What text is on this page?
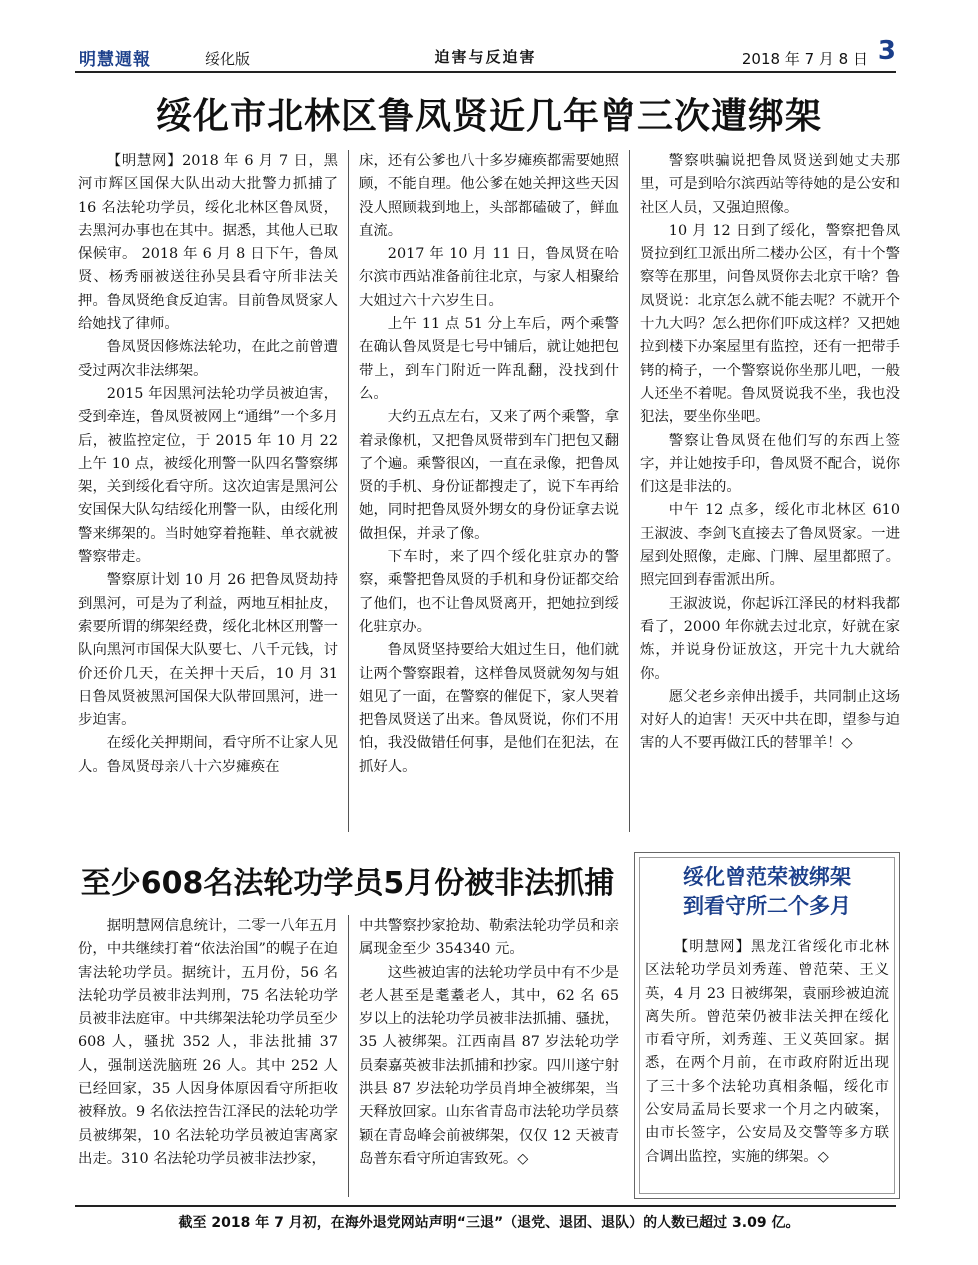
明慧週報	绥化版	迫害与反迫害	2018 年 7 月 8 日 3
绥化市北林区鲁凤贤近几年曾三次遭绑架

【明慧网】2018 年 6 月 7 日，黑河市辉区国保大队出动大批警力抓捕了 16 名法轮功学员，绥化北林区鲁凤贤，去黑河办事也在其中。据悉，其他人已取保候审。 2018 年 6 月 8 日下午，鲁凤贤、杨秀丽被送往孙吴县看守所非法关押。鲁凤贤绝食反迫害。目前鲁凤贤家人给她找了律师。

鲁凤贤因修炼法轮功，在此之前曾遭受过两次非法绑架。

2015 年因黑河法轮功学员被迫害，受到牵连，鲁凤贤被网上“通缉”一个多月后，被监控定位，于 2015 年 10 月 22 上午 10 点，被绥化刑警一队四名警察绑架，关到绥化看守所。这次迫害是黑河公安国保大队勾结绥化刑警一队，由绥化刑警来绑架的。当时她穿着拖鞋、单衣就被警察带走。

警察原计划 10 月 26 把鲁凤贤劫持到黑河，可是为了利益，两地互相扯皮，索要所谓的绑架经费，绥化北林区刑警一队向黑河市国保大队要七、八千元钱，讨价还价几天，在关押十天后，10 月 31 日鲁凤贤被黑河国保大队带回黑河，进一步迫害。

在绥化关押期间，看守所不让家人见人。鲁凤贤母亲八十六岁瘫痪在

床，还有公爹也八十多岁瘫痪都需要她照顾，不能自理。他公爹在她关押这些天因没人照顾栽到地上，头部都磕破了，鲜血直流。

2017 年 10 月 11 日，鲁凤贤在哈尔滨市西站准备前往北京，与家人相聚给大姐过六十六岁生日。

上午 11 点 51 分上车后，两个乘警在确认鲁凤贤是七号中铺后，就让她把包带上，到车门附近一阵乱翻，没找到什么。

大约五点左右，又来了两个乘警，拿着录像机，又把鲁凤贤带到车门把包又翻了个遍。乘警很凶，一直在录像，把鲁凤贤的手机、身份证都搜走了，说下车再给她，同时把鲁凤贤外甥女的身份证拿去说做担保，并录了像。

下车时，来了四个绥化驻京办的警察，乘警把鲁凤贤的手机和身份证都交给了他们，也不让鲁凤贤离开，把她拉到绥化驻京办。

鲁凤贤坚持要给大姐过生日，他们就让两个警察跟着，这样鲁凤贤就匆匆与姐姐见了一面，在警察的催促下，家人哭着把鲁凤贤送了出来。鲁凤贤说，你们不用怕，我没做错任何事，是他们在犯法，在抓好人。

警察哄骗说把鲁凤贤送到她丈夫那里，可是到哈尔滨西站等待她的是公安和社区人员，又强迫照像。

10 月 12 日到了绥化，警察把鲁凤贤拉到红卫派出所二楼办公区，有十个警察等在那里，问鲁凤贤你去北京干啥？鲁凤贤说：北京怎么就不能去呢？不就开个十九大吗？怎么把你们吓成这样？又把她拉到楼下办案屋里有监控，还有一把带手铐的椅子，一个警察说你坐那儿吧，一般人还坐不着呢。鲁凤贤说我不坐，我也没犯法，要坐你坐吧。

警察让鲁凤贤在他们写的东西上签字，并让她按手印，鲁凤贤不配合，说你们这是非法的。

中午 12 点多，绥化市北林区 610 王淑波、李剑飞直接去了鲁凤贤家。一进屋到处照像，走廊、门牌、屋里都照了。照完回到春雷派出所。

王淑波说，你起诉江泽民的材料我都看了，2000 年你就去过北京，好就在家炼，并说身份证放这，开完十九大就给你。

愿父老乡亲伸出援手，共同制止这场对好人的迫害！天灭中共在即，望参与迫害的人不要再做江氏的替罪羊！◇

至少608名法轮功学员5月份被非法抓捕

据明慧网信息统计，二零一八年五月份，中共继续打着“依法治国”的幌子在迫害法轮功学员。据统计，五月份，56 名法轮功学员被非法判刑，75 名法轮功学员被非法庭审。中共绑架法轮功学员至少 608 人，骚扰 352 人，非法批捕 37 人，强制送洗脑班 26 人。其中 252 人已经回家，35 人因身体原因看守所拒收被释放。9 名依法控告江泽民的法轮功学员被绑架，10 名法轮功学员被迫害离家出走。310 名法轮功学员被非法抄家，

中共警察抄家抢劫、勒索法轮功学员和亲属现金至少 354340 元。

这些被迫害的法轮功学员中有不少是老人甚至是耄耋老人，其中，62 名 65 岁以上的法轮功学员被非法抓捕、骚扰，35 人被绑架。江西南昌 87 岁法轮功学员秦嘉英被非法抓捕和抄家。四川遂宁射洪县 87 岁法轮功学员肖坤全被绑架，当天释放回家。山东省青岛市法轮功学员蔡颖在青岛峰会前被绑架，仅仅 12 天被青岛普东看守所迫害致死。◇

绥化曾范荣被绑架
到看守所二个多月

【明慧网】黑龙江省绥化市北林区法轮功学员刘秀莲、曾范荣、王义英，4 月 23 日被绑架，袁丽珍被迫流离失所。曾范荣仍被非法关押在绥化市看守所，刘秀莲、王义英回家。据悉，在两个月前，在市政府附近出现了三十多个法轮功真相条幅，绥化市公安局孟局长要求一个月之内破案，由市长签字，公安局及交警等多方联合调出监控，实施的绑架。◇

截至 2018 年 7 月初，在海外退党网站声明“三退”（退党、退团、退队）的人数已超过 3.09 亿。
